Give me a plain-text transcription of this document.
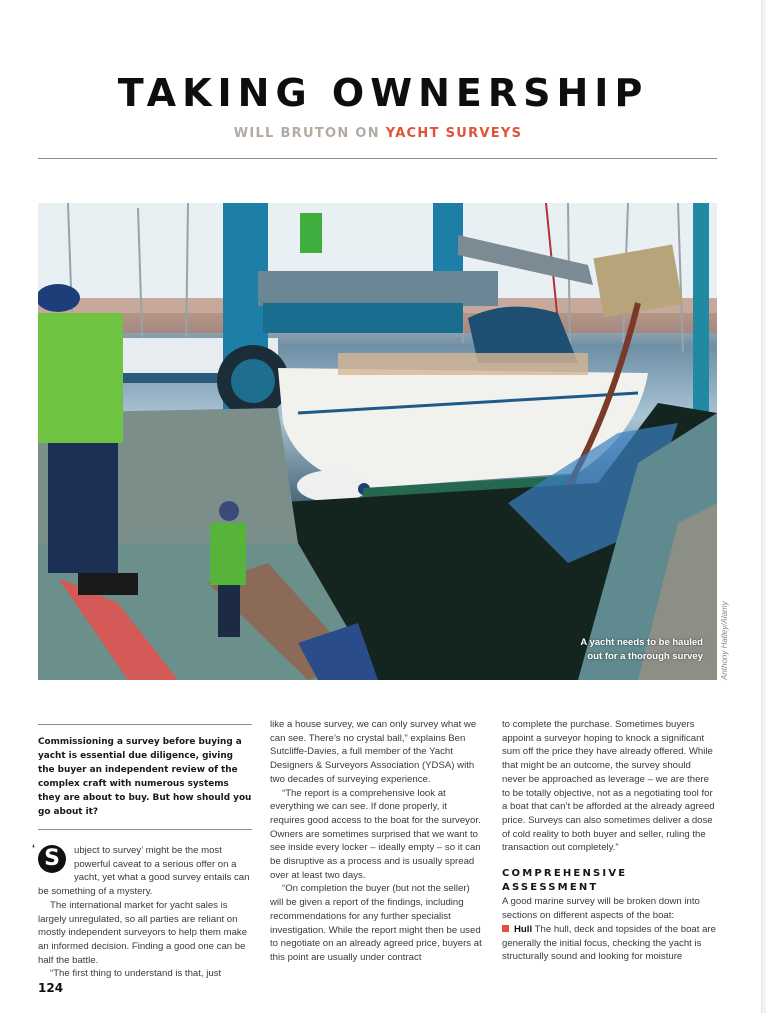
TAKING OWNERSHIP
WILL BRUTON ON YACHT SURVEYS
A yacht needs to be hauled
out for a thorough survey Anthony Hatley/Alamy
Commissioning a survey before buying a yacht is essential due diligence, giving the buyer an independent review of the complex craft with numerous systems they are about to buy. But how should you go about it?
‘ S	ubject to survey’ might be the most powerful caveat to a serious offer on a yacht, yet what a good survey entails can be something of a mystery.

The international market for yacht sales is largely unregulated, so all parties are reliant on mostly independent surveyors to help them make an informed decision. Finding a good one can be half the battle.

“The first thing to understand is that, just

like a house survey, we can only survey what we can see. There’s no crystal ball,” explains Ben Sutcliffe-Davies, a full member of the Yacht Designers & Surveyors Association (YDSA) with two decades of surveying experience.

“The report is a comprehensive look at everything we can see. If done properly, it requires good access to the boat for the surveyor. Owners are sometimes surprised that we want to see inside every locker – ideally empty – so it can be disruptive as a process and is usually spread over at least two days.

“On completion the buyer (but not the seller) will be given a report of the findings, including recommendations for any further specialist investigation. While the report might then be used to negotiate on an already agreed price, buyers at this point are usually under contract

to complete the purchase. Sometimes buyers appoint a surveyor hoping to knock a significant sum off the price they have already offered. While that might be an outcome, the survey should never be approached as leverage – we are there to be totally objective, not as a negotiating tool for a boat that can’t be afforded at the already agreed price. Surveys can also sometimes deliver a dose of cold reality to both buyer and seller, ruling the transaction out completely.”

COMPREHENSIVE ASSESSMENT

A good marine survey will be broken down into sections on different aspects of the boat:

Hull The hull, deck and topsides of the boat are generally the initial focus, checking the yacht is structurally sound and looking for moisture

124
